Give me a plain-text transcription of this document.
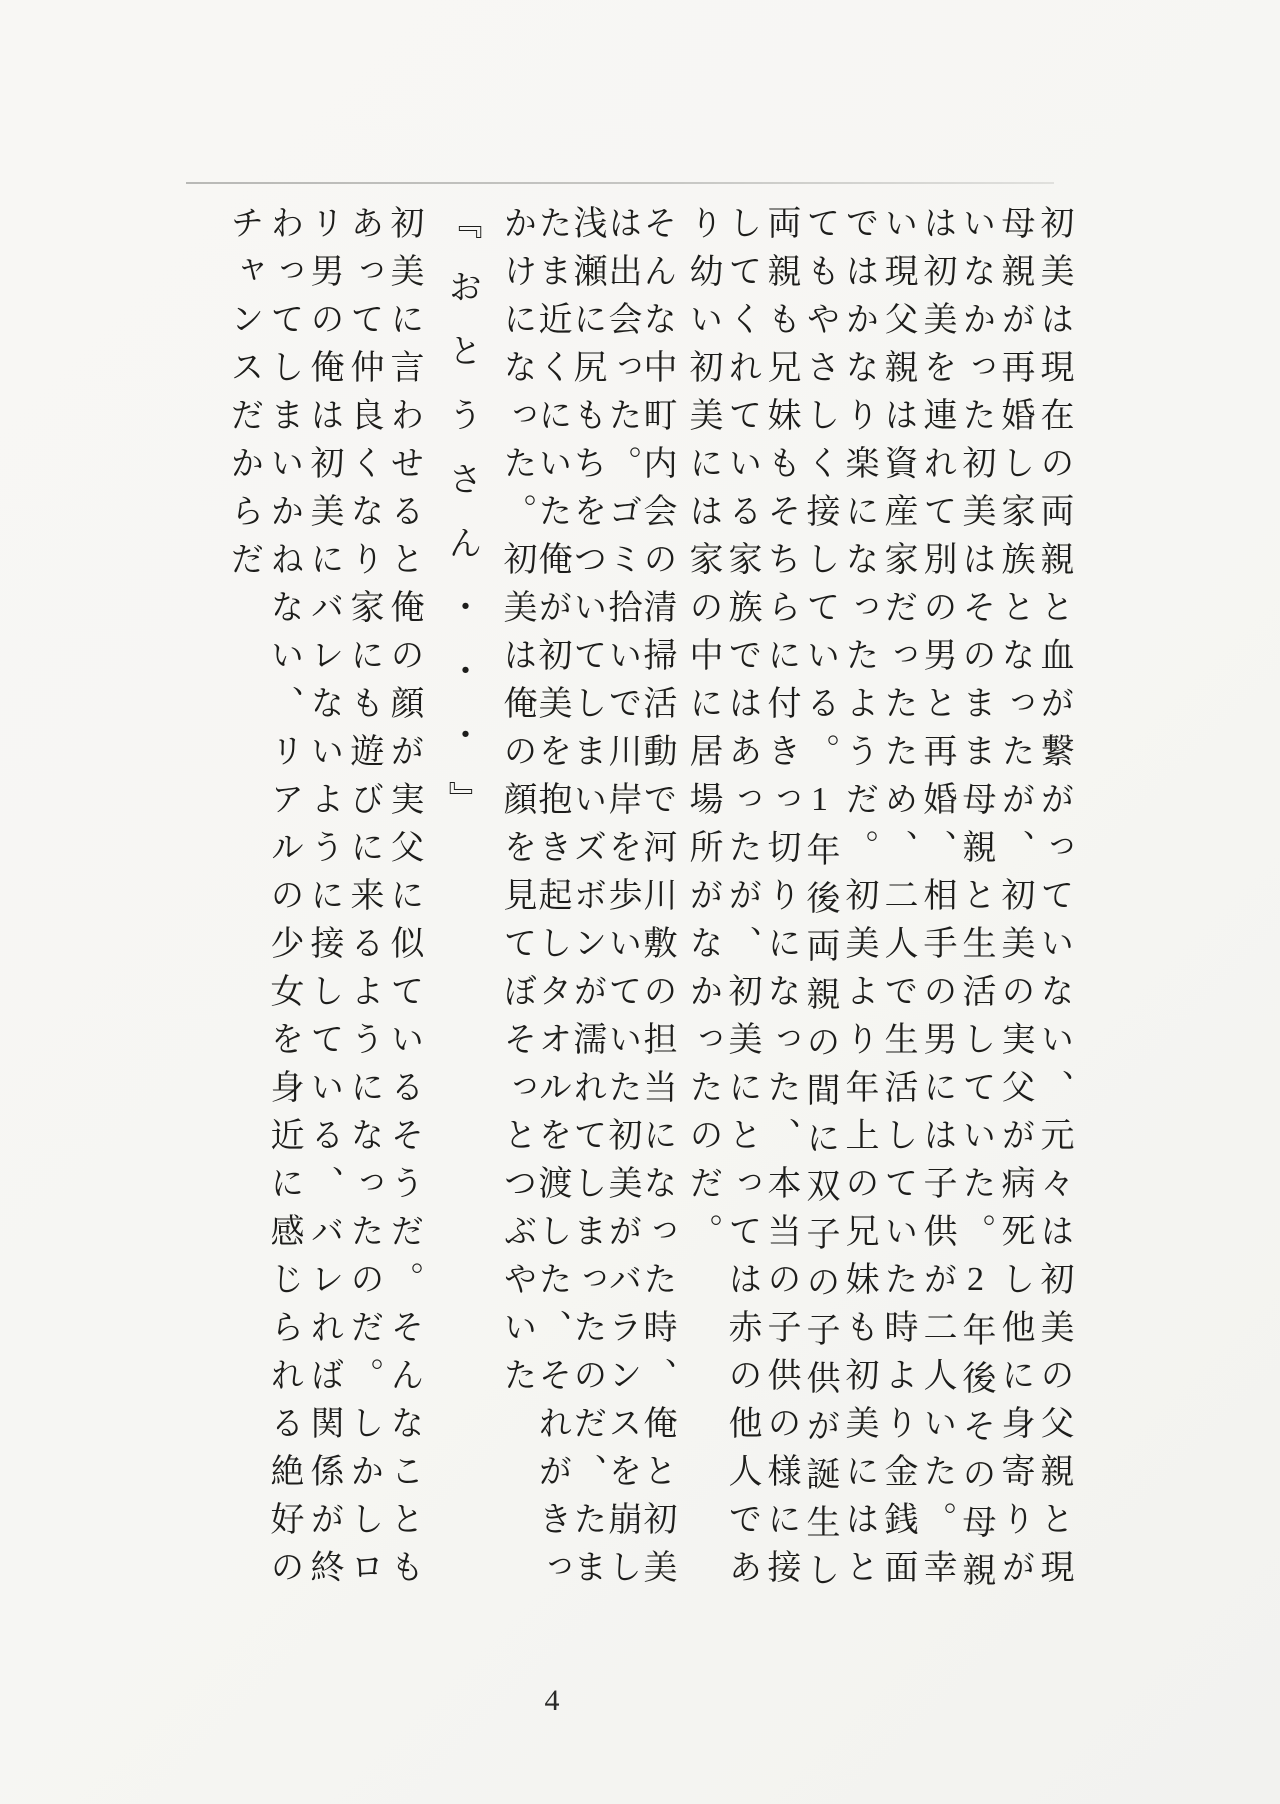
初美は現在の両親と血が繋がっていない、元々は初美の父親と現
母親が再婚し家族となったが、初美の実父が病死し他に身寄りが
いなかった初美はそのまま母親と生活していた。2年後その母親
は初美を連れて別の男と再婚、相手の男には子供が二人いた。幸
い現父親は資産家だったため、二人で生活していた時より金銭面
ではかなり楽になったようだ。初美より年上の兄妹も初美にはと
てもやさしく接している。1年後両親の間に双子の子供が誕生し
両親も兄妹もそちらに付きっ切りになった、本当の子供の様に接
してくれている家族ではあったが、初美にとっては赤の他人であ
り幼い初美には家の中に居場所がなかったのだ。
そんな中町内会の清掃活動で河川敷の担当になった時、俺と初美
は出会った。ゴミ拾いで川岸を歩いていた初美がバランスを崩し
浅瀬に尻もちをついてしまいズボンが濡れてしまったのだ、たま
たま近くにいた俺が初美を抱き起しタオルを渡した、それがきっ
かけになった。初美は俺の顔を見てぼそっとつぶやいた
『おとうさん・・・』
初美に言わせると俺の顔が実父に似ているそうだ。そんなことも
あって仲良くなり家にも遊びに来るようになったのだ。しかしロ
リ男の俺は初美にバレないように接している、バレれば関係が終
わってしまいかねない、リアルの少女を身近に感じられる絶好の
チャンスだからだ
4
